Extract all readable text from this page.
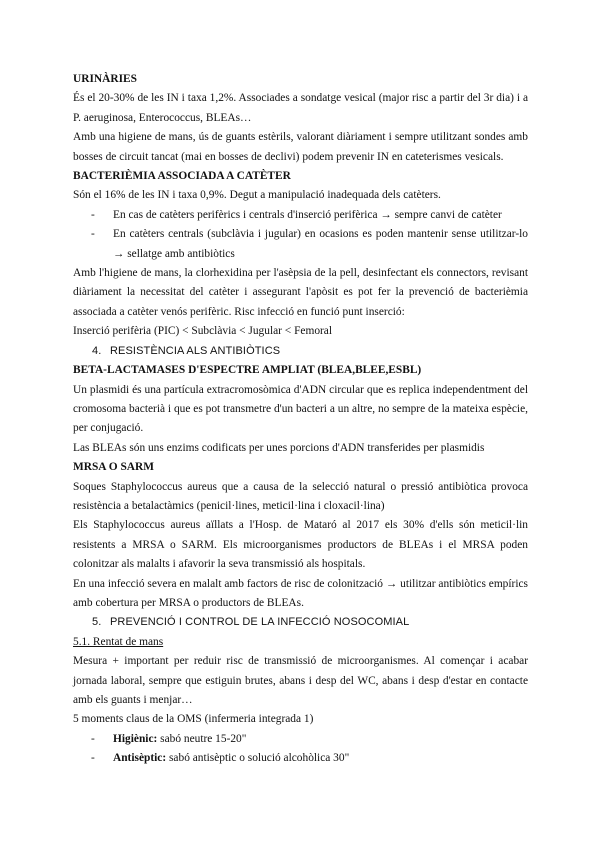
URINÀRIES

És el 20-30% de les IN i taxa 1,2%. Associades a sondatge vesical (major risc a partir del 3r dia) i a P. aeruginosa, Enterococcus, BLEAs…

Amb una higiene de mans, ús de guants estèrils, valorant diàriament i sempre utilitzant sondes amb bosses de circuit tancat (mai en bosses de declivi) podem prevenir IN en cateterismes vesicals.

BACTERIÈMIA ASSOCIADA A CATÈTER

Són el 16% de les IN i taxa 0,9%. Degut a manipulació inadequada dels catèters.

-	En cas de catèters perifèrics i centrals d'inserció perifèrica → sempre canvi de catèter
-	En catèters centrals (subclàvia i jugular) en ocasions es poden mantenir sense utilitzar-lo → sellatge amb antibiòtics

Amb l'higiene de mans, la clorhexidina per l'asèpsia de la pell, desinfectant els connectors, revisant diàriament la necessitat del catèter i assegurant l'apòsit es pot fer la prevenció de bacterièmia associada a catèter venós perifèric. Risc infecció en funció punt inserció:

Inserció perifèria (PIC) < Subclàvia < Jugular < Femoral

4. RESISTÈNCIA ALS ANTIBIÒTICS

BETA-LACTAMASES D'ESPECTRE AMPLIAT (BLEA,BLEE,ESBL)

Un plasmidi és una partícula extracromosòmica d'ADN circular que es replica independentment del cromosoma bacterià i que es pot transmetre d'un bacteri a un altre, no sempre de la mateixa espècie, per conjugació.

Las BLEAs són uns enzims codificats per unes porcions d'ADN transferides per plasmidis

MRSA O SARM

Soques Staphylococcus aureus que a causa de la selecció natural o pressió antibiòtica provoca resistència a betalactàmics (penicil·lines, meticil·lina i cloxacil·lina)

Els Staphylococcus aureus aïllats a l'Hosp. de Mataró al 2017 els 30% d'ells són meticil·lin resistents a MRSA o SARM. Els microorganismes productors de BLEAs i el MRSA poden colonitzar als malalts i afavorir la seva transmissió als hospitals.

En una infecció severa en malalt amb factors de risc de colonització → utilitzar antibiòtics empírics amb cobertura per MRSA o productors de BLEAs.

5. PREVENCIÓ I CONTROL DE LA INFECCIÓ NOSOCOMIAL

5.1. Rentat de mans

Mesura + important per reduir risc de transmissió de microorganismes. Al començar i acabar jornada laboral, sempre que estiguin brutes, abans i desp del WC, abans i desp d'estar en contacte amb els guants i menjar…

5 moments claus de la OMS (infermeria integrada 1)

-	Higiènic: sabó neutre 15-20"
-	Antisèptic: sabó antisèptic o solució alcohòlica 30"
